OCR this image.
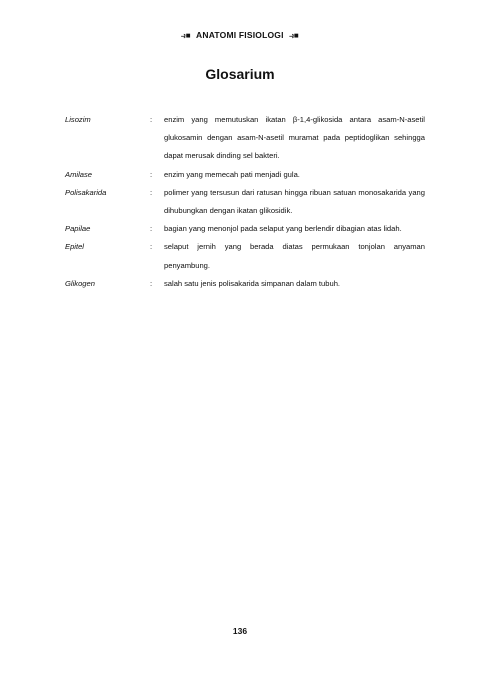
⥽■ ANATOMI FISIOLOGI ⥽■
Glosarium
Lisozim	:	enzim yang memutuskan ikatan β-1,4-glikosida antara asam-N-asetil glukosamin dengan asam-N-asetil muramat pada peptidoglikan sehingga dapat merusak dinding sel bakteri.
Amilase	:	enzim yang memecah pati menjadi gula.
Polisakarida	:	polimer yang tersusun dari ratusan hingga ribuan satuan monosakarida yang dihubungkan dengan ikatan glikosidik.
Papilae	:	bagian yang menonjol pada selaput yang berlendir dibagian atas lidah.
Epitel	:	selaput jernih yang berada diatas permukaan tonjolan anyaman penyambung.
Glikogen	:	salah satu jenis polisakarida simpanan dalam tubuh.
136
